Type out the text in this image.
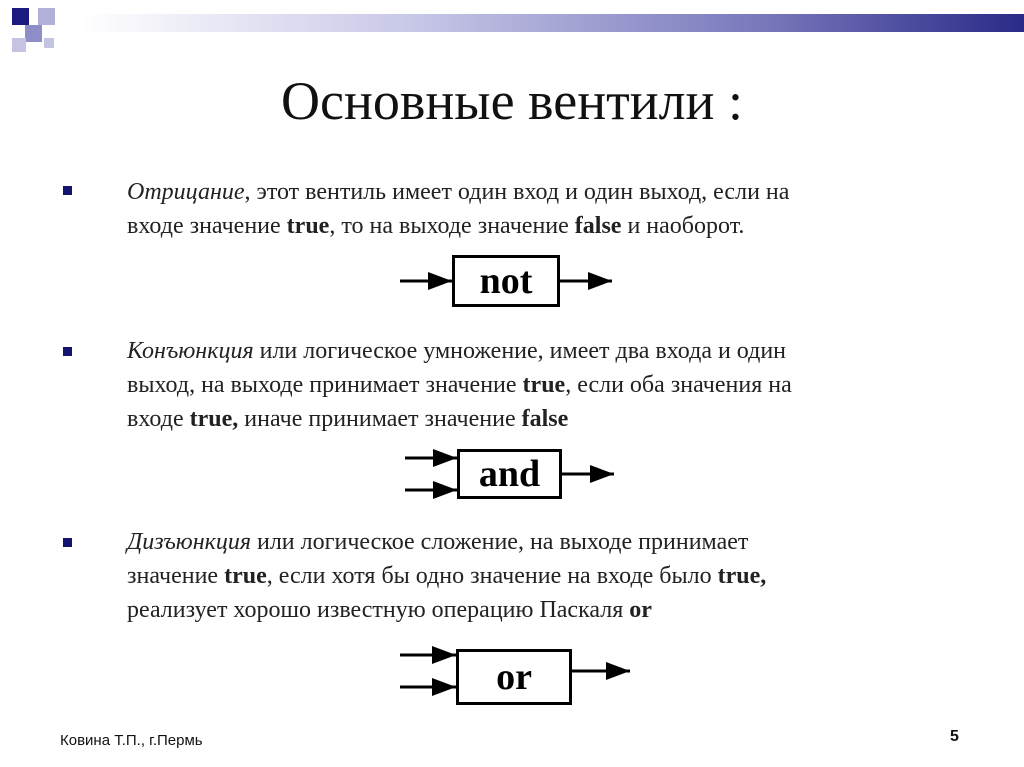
Основные вентили :
Отрицание, этот вентиль имеет один вход и один выход, если на
входе значение true, то на выходе значение false и наоборот.
Конъюнкция или логическое умножение, имеет два входа и один
выход, на выходе принимает значение true, если оба значения на
входе true, иначе принимает значение false
Дизъюнкция или логическое сложение, на выходе принимает
значение true, если хотя бы одно значение на входе было true,
реализует хорошо известную операцию Паскаля or
not
and
or
Ковина Т.П., г.Пермь	5
